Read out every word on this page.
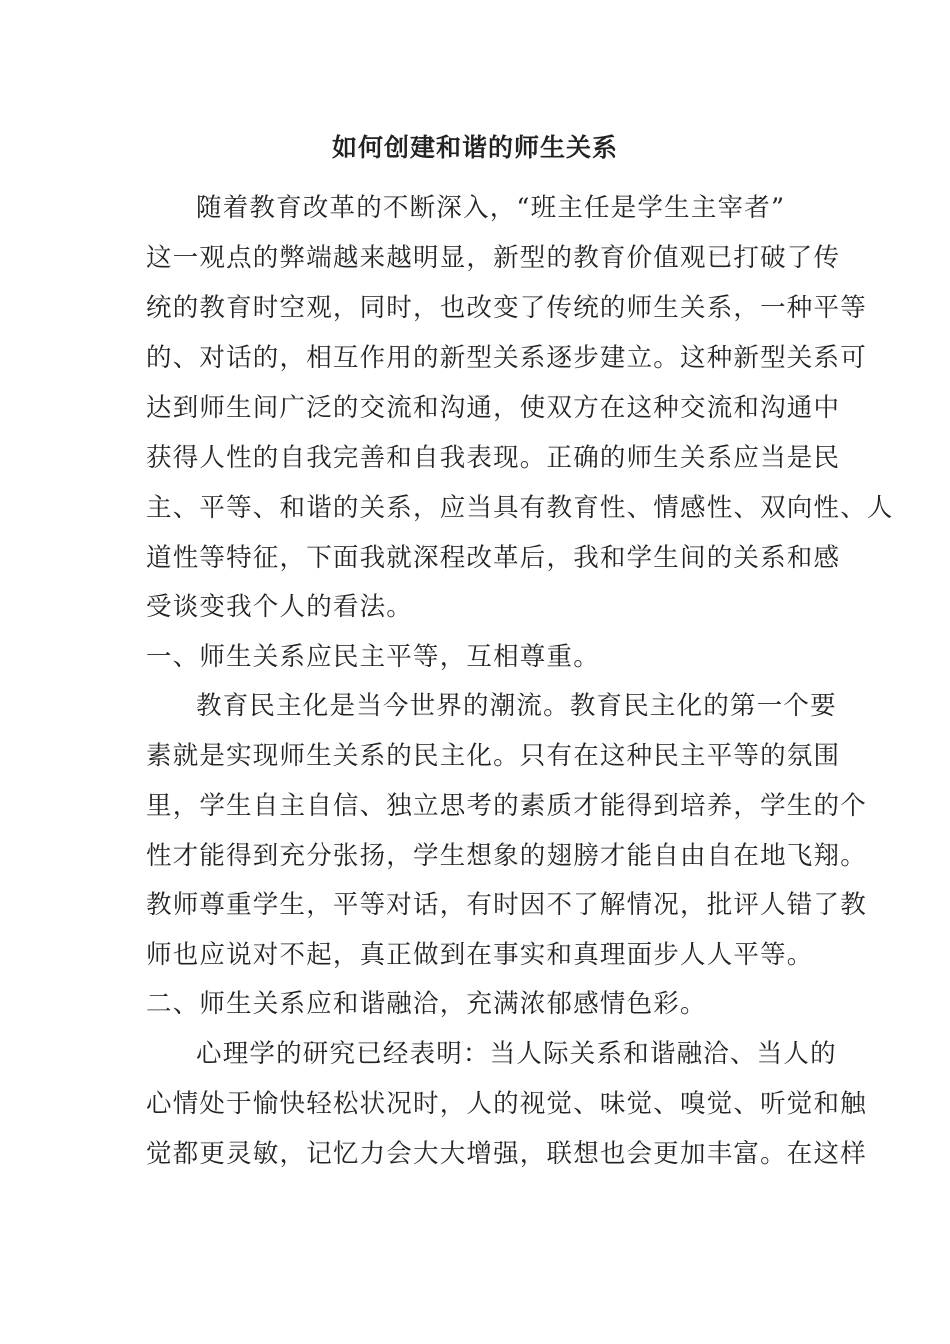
如何创建和谐的师生关系
随着教育改革的不断深入，“班主任是学生主宰者”
这一观点的弊端越来越明显，新型的教育价值观已打破了传
统的教育时空观，同时，也改变了传统的师生关系，一种平等
的、对话的，相互作用的新型关系逐步建立。这种新型关系可
达到师生间广泛的交流和沟通，使双方在这种交流和沟通中
获得人性的自我完善和自我表现。正确的师生关系应当是民
主、平等、和谐的关系，应当具有教育性、情感性、双向性、人
道性等特征，下面我就深程改革后，我和学生间的关系和感
受谈变我个人的看法。
一、师生关系应民主平等，互相尊重。
教育民主化是当今世界的潮流。教育民主化的第一个要
素就是实现师生关系的民主化。只有在这种民主平等的氛围
里，学生自主自信、独立思考的素质才能得到培养，学生的个
性才能得到充分张扬，学生想象的翅膀才能自由自在地飞翔。
教师尊重学生，平等对话，有时因不了解情况，批评人错了教
师也应说对不起，真正做到在事实和真理面步人人平等。
二、师生关系应和谐融洽，充满浓郁感情色彩。
心理学的研究已经表明：当人际关系和谐融洽、当人的
心情处于愉快轻松状况时，人的视觉、味觉、嗅觉、听觉和触
觉都更灵敏，记忆力会大大增强，联想也会更加丰富。在这样
